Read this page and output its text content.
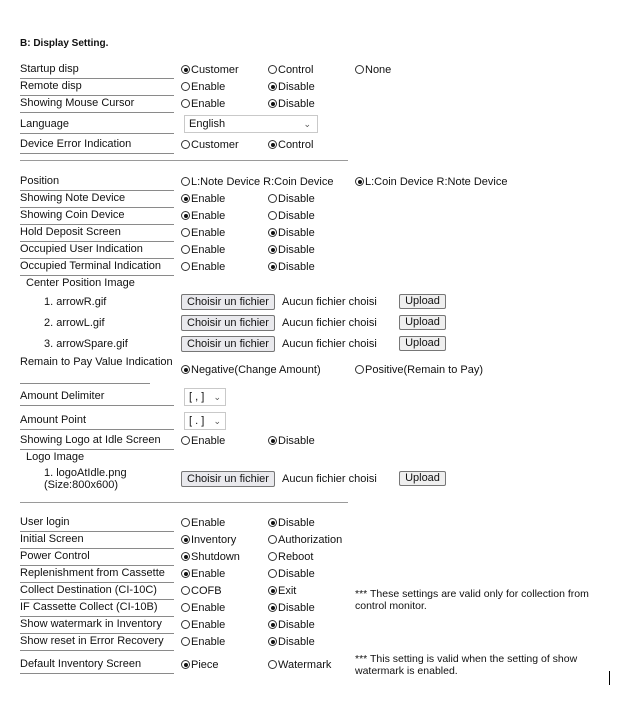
B: Display Setting.
Startup disp	Customer	Control	None
Remote disp	Enable	Disable
Showing Mouse Cursor	Enable	Disable
Language	English	⌄
Device Error Indication	Customer	Control
Position	L:Note Device R:Coin Device	L:Coin Device R:Note Device
Showing Note Device	Enable	Disable
Showing Coin Device	Enable	Disable
Hold Deposit Screen	Enable	Disable
Occupied User Indication	Enable	Disable
Occupied Terminal Indication	Enable	Disable
Center Position Image
1. arrowR.gif	Choisir un fichier	Aucun fichier choisi	Upload
2. arrowL.gif	Choisir un fichier	Aucun fichier choisi	Upload
3. arrowSpare.gif	Choisir un fichier	Aucun fichier choisi	Upload
Remain to Pay Value Indication
Negative(Change Amount)	Positive(Remain to Pay)
Amount Delimiter	[ , ] ⌄
Amount Point	[ . ] ⌄
Showing Logo at Idle Screen	Enable	Disable
Logo Image
1. logoAtIdle.png
(Size:800x600)	Choisir un fichier	Aucun fichier choisi	Upload
User login	Enable	Disable
Initial Screen	Inventory	Authorization
Power Control	Shutdown	Reboot
Replenishment from Cassette	Enable	Disable
Collect Destination (CI-10C)	COFB	Exit	*** These settings are valid only for collection from control monitor.
IF Cassette Collect (CI-10B)	Enable	Disable
Show watermark in Inventory	Enable	Disable
Show reset in Error Recovery	Enable	Disable
Default Inventory Screen	Piece	Watermark *** This setting is valid when the setting of show watermark is enabled.
